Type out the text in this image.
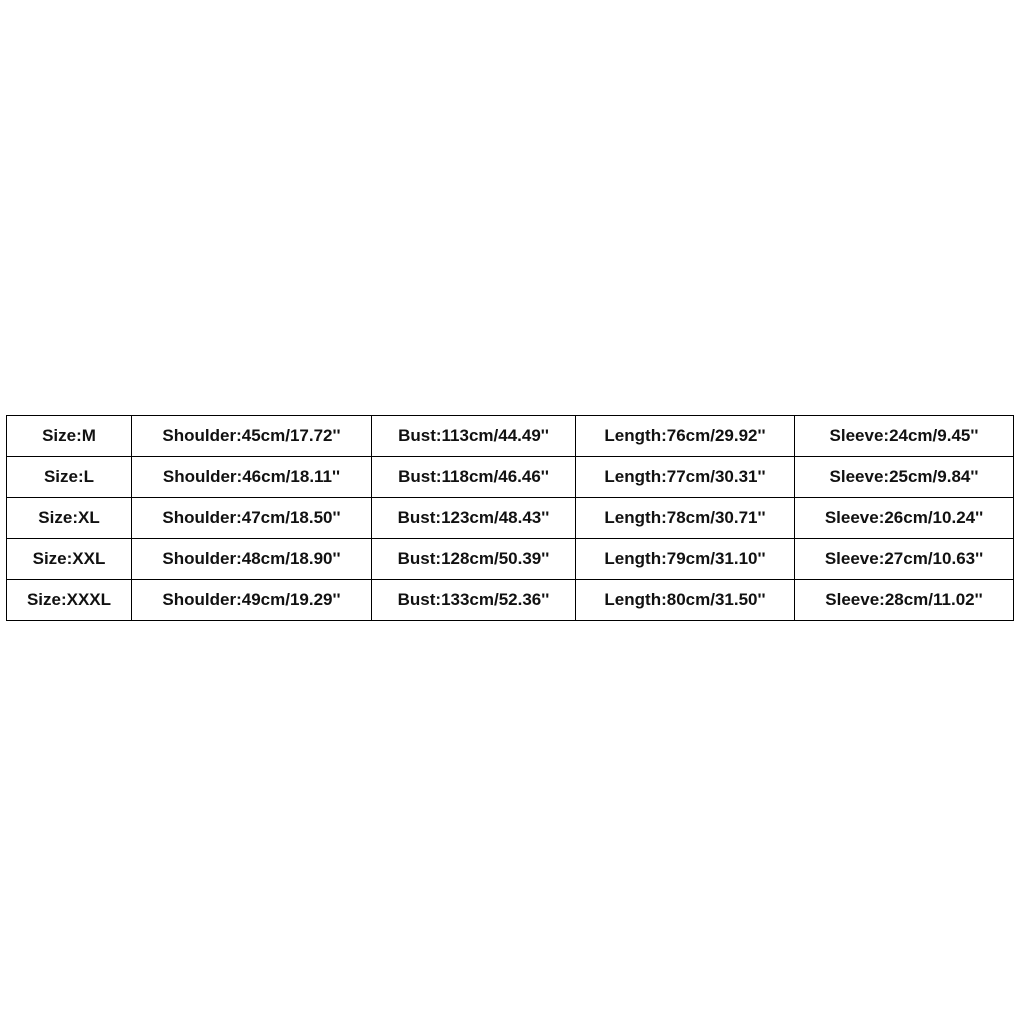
Size:M	Shoulder:45cm/17.72''	Bust:113cm/44.49''	Length:76cm/29.92''	Sleeve:24cm/9.45''
Size:L	Shoulder:46cm/18.11''	Bust:118cm/46.46''	Length:77cm/30.31''	Sleeve:25cm/9.84''
Size:XL	Shoulder:47cm/18.50''	Bust:123cm/48.43''	Length:78cm/30.71''	Sleeve:26cm/10.24''
Size:XXL	Shoulder:48cm/18.90''	Bust:128cm/50.39''	Length:79cm/31.10''	Sleeve:27cm/10.63''
Size:XXXL	Shoulder:49cm/19.29''	Bust:133cm/52.36''	Length:80cm/31.50''	Sleeve:28cm/11.02''
